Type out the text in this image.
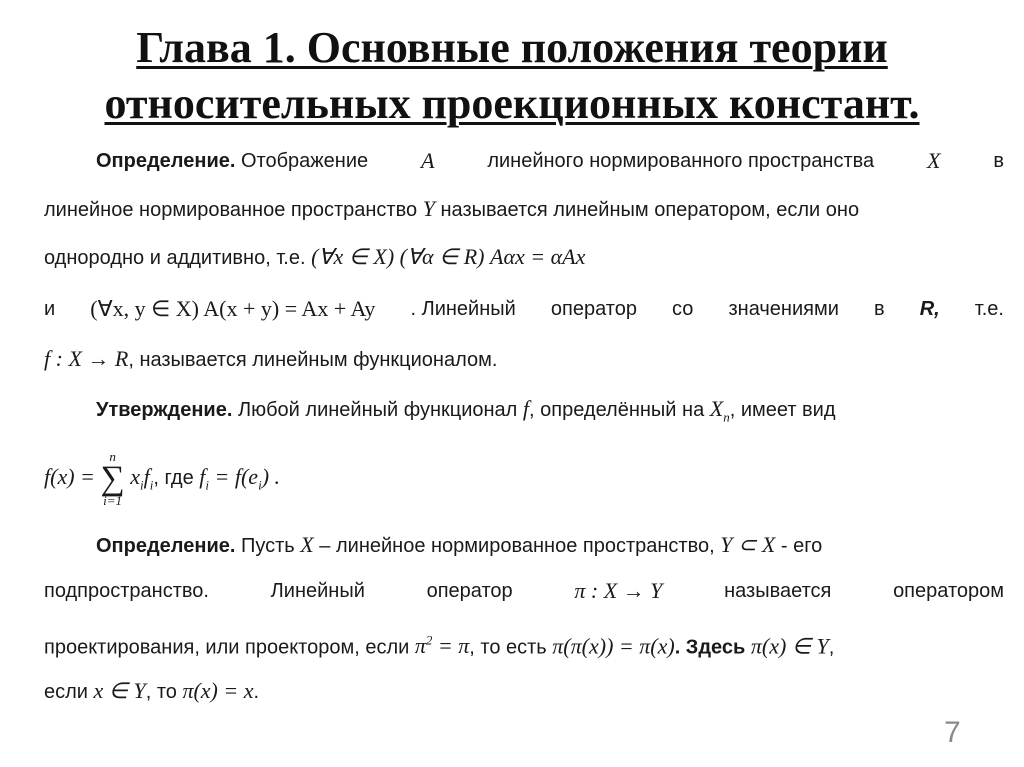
Глава 1. Основные положения теории
относительных проекционных констант.
Определение. Отображение A	линейного нормированного пространства X	в
линейное нормированное пространство Y называется линейным оператором, если оно
однородно и аддитивно, т.е. (∀x ∈ X) (∀α ∈ R) Aαx = αAx
и (∀x, y ∈ X) A(x + y) = Ax + Ay . Линейный оператор со значениями в R, т.е.
f : X → R, называется линейным функционалом.
Утверждение. Любой линейный функционал f, определённый на $X_n$, имеет вид
f(x) =
n
∑
i=1
$x_if_i$, где $f_i = f(e_i)$ .
Определение. Пусть X – линейное нормированное пространство, Y ⊂ X - его
подпространство.	Линейный	оператор	π : X → Y	называется	оператором
проектирования, или проектором, если $\pi^2 = \pi$, то есть π(π(x)) = π(x). Здесь π(x) ∈ Y,
если x ∈ Y, то π(x) = x.
7
